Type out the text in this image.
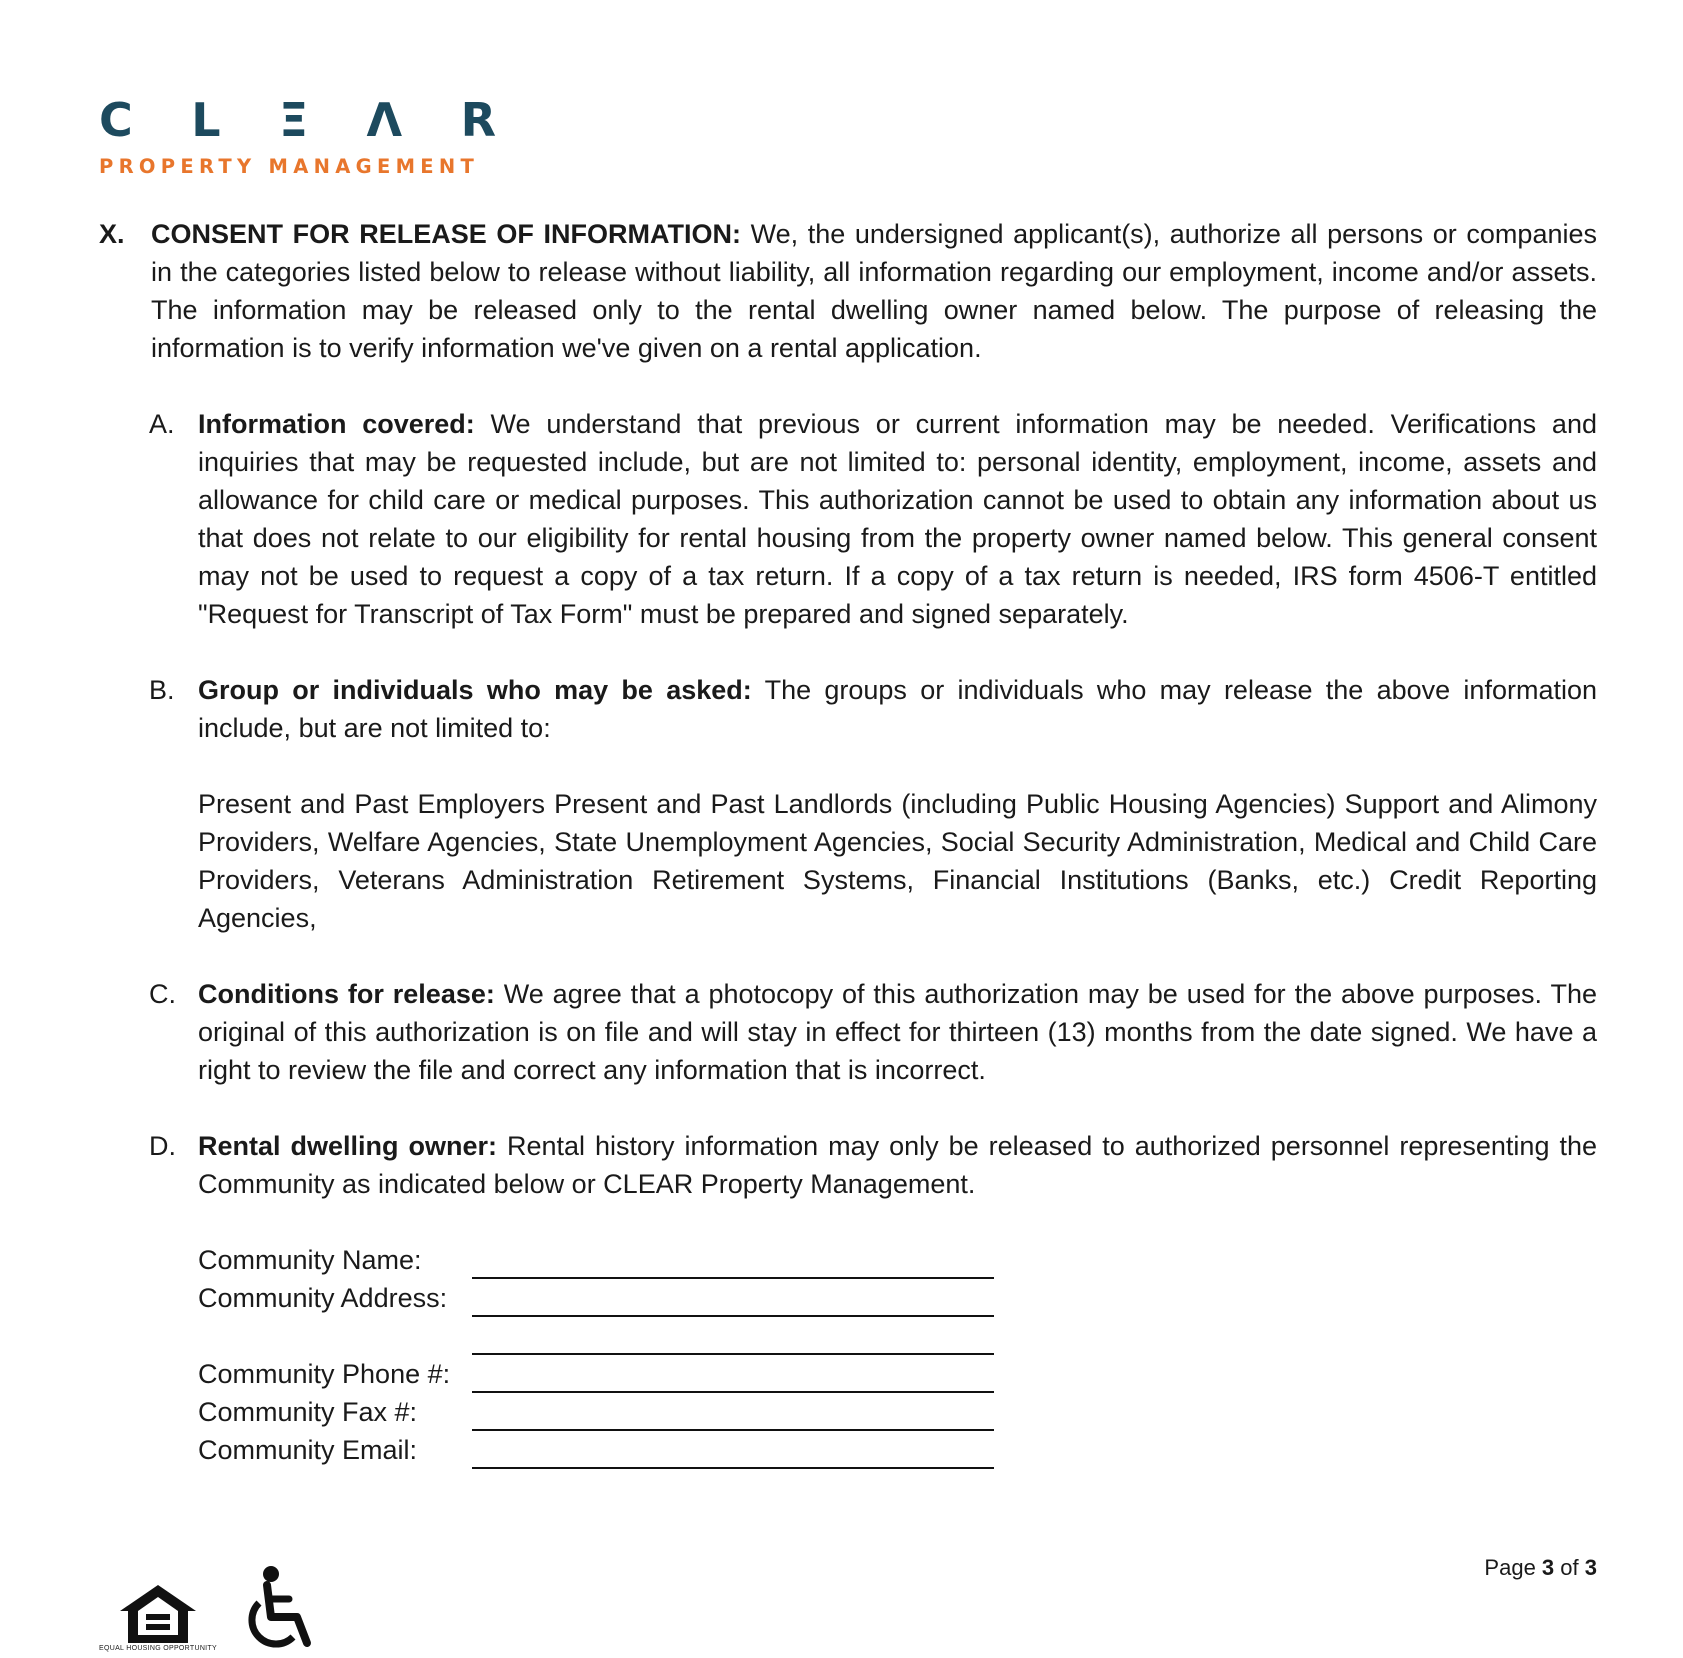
C L Ξ Λ R
PROPERTY MANAGEMENT
X. CONSENT FOR RELEASE OF INFORMATION: We, the undersigned applicant(s), authorize all persons or companies in the categories listed below to release without liability, all information regarding our employment, income and/or assets. The information may be released only to the rental dwelling owner named below. The purpose of releasing the information is to verify information we've given on a rental application.
A. Information covered: We understand that previous or current information may be needed. Verifications and inquiries that may be requested include, but are not limited to: personal identity, employment, income, assets and allowance for child care or medical purposes. This authorization cannot be used to obtain any information about us that does not relate to our eligibility for rental housing from the property owner named below. This general consent may not be used to request a copy of a tax return. If a copy of a tax return is needed, IRS form 4506-T entitled "Request for Transcript of Tax Form" must be prepared and signed separately.
B. Group or individuals who may be asked: The groups or individuals who may release the above information include, but are not limited to:

Present and Past Employers Present and Past Landlords (including Public Housing Agencies) Support and Alimony Providers, Welfare Agencies, State Unemployment Agencies, Social Security Administration, Medical and Child Care Providers, Veterans Administration Retirement Systems, Financial Institutions (Banks, etc.) Credit Reporting Agencies,

C. Conditions for release: We agree that a photocopy of this authorization may be used for the above purposes. The original of this authorization is on file and will stay in effect for thirteen (13) months from the date signed. We have a right to review the file and correct any information that is incorrect.
D. Rental dwelling owner: Rental history information may only be released to authorized personnel representing the Community as indicated below or CLEAR Property Management.
Community Name:
Community Address:
Community Phone #:
Community Fax #:
Community Email:
Page 3 of 3
EQUAL HOUSING OPPORTUNITY
